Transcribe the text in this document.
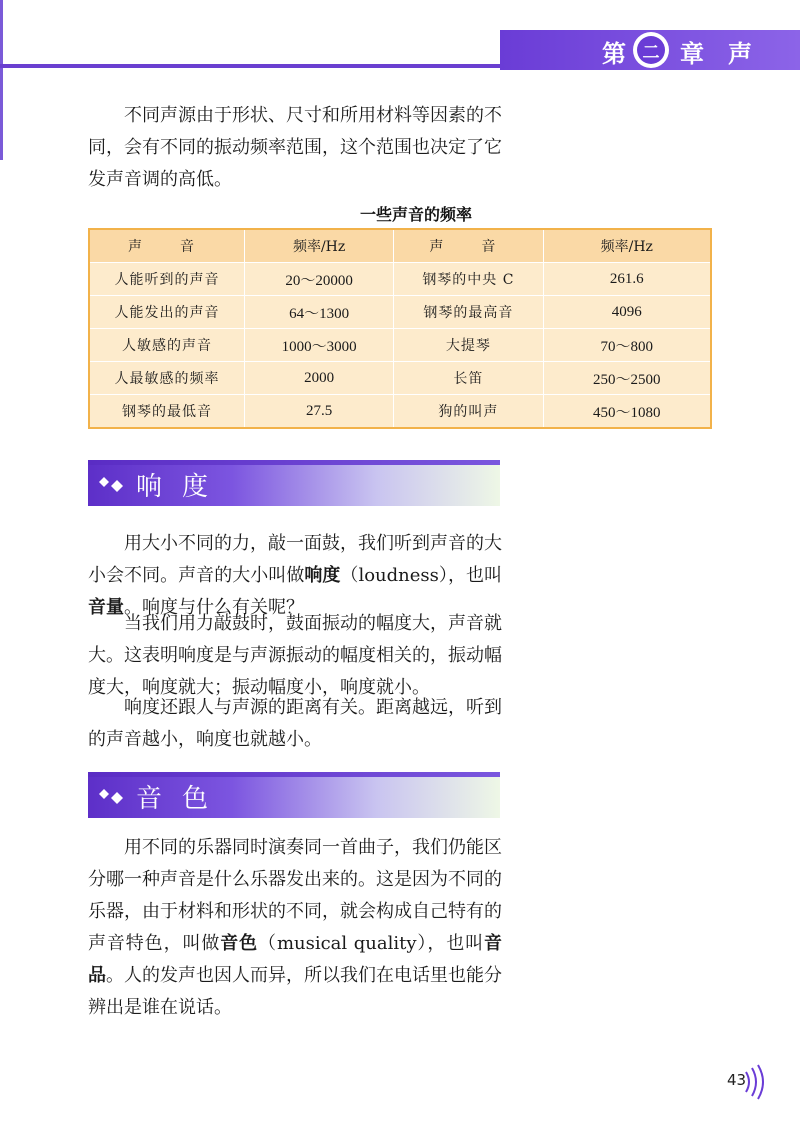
第 二 章 声

不同声源由于形状、尺寸和所用材料等因素的不同，会有不同的振动频率范围，这个范围也决定了它发声音调的高低。

一些声音的频率
声　音	频率/Hz	声　音	频率/Hz
人能听到的声音	20～20000	钢琴的中央 C	261.6
人能发出的声音	64～1300	钢琴的最高音	4096
人敏感的声音	1000～3000	大提琴	70～800
人最敏感的频率	2000	长笛	250～2500
钢琴的最低音	27.5	狗的叫声	450～1080
响度

用大小不同的力，敲一面鼓，我们听到声音的大小会不同。声音的大小叫做响度（loudness），也叫音量。响度与什么有关呢？

当我们用力敲鼓时，鼓面振动的幅度大，声音就大。这表明响度是与声源振动的幅度相关的，振动幅度大，响度就大；振动幅度小，响度就小。

响度还跟人与声源的距离有关。距离越远，听到的声音越小，响度也就越小。

音色

用不同的乐器同时演奏同一首曲子，我们仍能区分哪一种声音是什么乐器发出来的。这是因为不同的乐器，由于材料和形状的不同，就会构成自己特有的声音特色，叫做音色（musical quality），也叫音品。人的发声也因人而异，所以我们在电话里也能分辨出是谁在说话。

43
